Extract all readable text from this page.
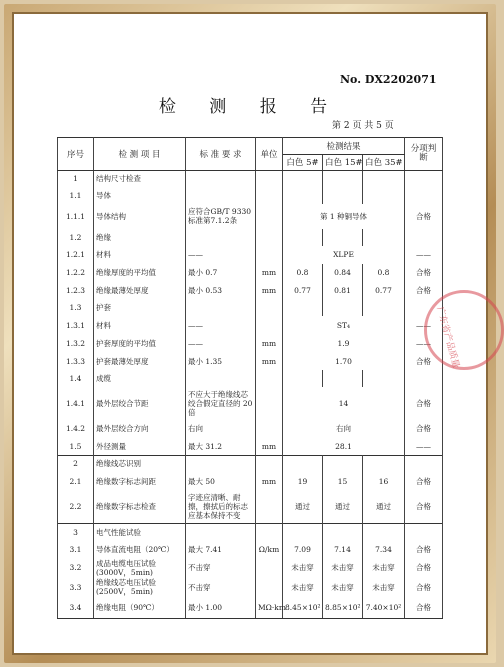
No. DX2202071
检 测 报 告
第 2 页 共 5 页
序号	检 测 项 目	标 准 要 求	单位	检测结果			分项判断
				白色 5#	白色 15#	白色 35#	
1	结构尺寸检查						
1.1	导体						
1.1.1	导体结构	应符合GB/T 9330标准第7.1.2条		第 1 种铜导体			合格
1.2	绝缘						
1.2.1	材料	——		XLPE			——
1.2.2	绝缘厚度的平均值	最小 0.7	mm	0.8	0.84	0.8	合格
1.2.3	绝缘最薄处厚度	最小 0.53	mm	0.77	0.81	0.77	合格
1.3	护套						
1.3.1	材料	——		ST₄			——
1.3.2	护套厚度的平均值	——	mm	1.9			——
1.3.3	护套最薄处厚度	最小 1.35	mm	1.70			合格
1.4	成缆						
1.4.1	最外层绞合节距	不应大于绝缘线芯绞合假定直径的 20 倍		14			合格
1.4.2	最外层绞合方向	右向		右向			合格
1.5	外径测量	最大 31.2	mm	28.1			——
2	绝缘线芯识别						
2.1	绝缘数字标志间距	最大 50	mm	19	15	16	合格
2.2	绝缘数字标志检查	字迹应清晰、耐擦，擦拭后的标志应基本保持不变		通过	通过	通过	合格
3	电气性能试验						
3.1	导体直流电阻（20℃）	最大 7.41	Ω/km	7.09	7.14	7.34	合格
3.2	成品电缆电压试验(3000V，5min)	不击穿		未击穿	未击穿	未击穿	合格
3.3	绝缘线芯电压试验(2500V，5min)	不击穿		未击穿	未击穿	未击穿	合格
3.4	绝缘电阻（90℃）	最小 1.00	MΩ·km	8.45×10²	8.85×10²	7.40×10²	合格
广东省产品质量
